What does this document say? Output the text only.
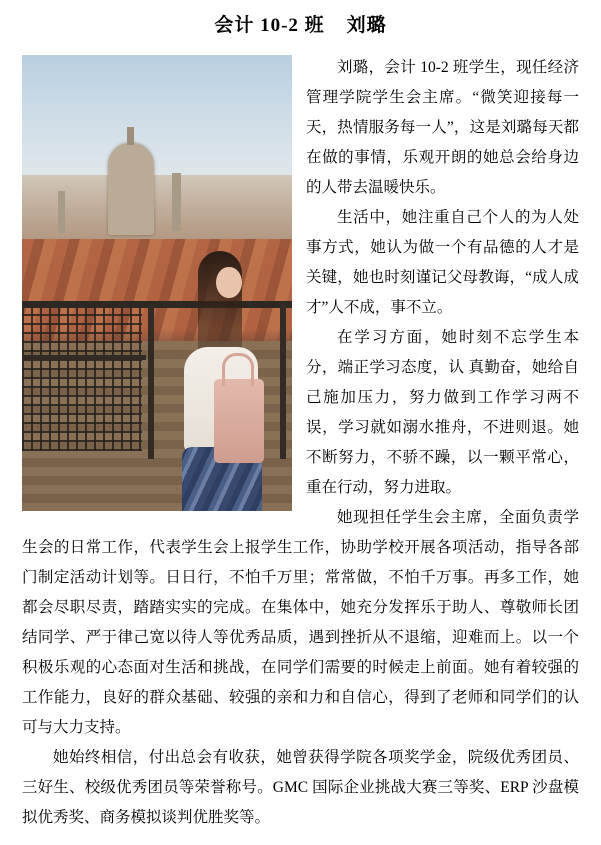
会计 10-2 班 刘璐

刘璐，会计 10-2 班学生，现任经济管理学院学生会主席。“微笑迎接每一天，热情服务每一人”，这是刘璐每天都在做的事情，乐观开朗的她总会给身边的人带去温暖快乐。

生活中，她注重自己个人的为人处事方式，她认为做一个有品德的人才是关键，她也时刻谨记父母教诲，“成人成才”人不成，事不立。

在学习方面，她时刻不忘学生本分，端正学习态度，认 真勤奋，她给自己施加压力，努力做到工作学习两不误，学习就如溺水推舟，不进则退。她不断努力，不骄不躁，以一颗平常心，重在行动，努力进取。

她现担任学生会主席，全面负责学生会的日常工作，代表学生会上报学生工作，协助学校开展各项活动，指导各部门制定活动计划等。日日行，不怕千万里；常常做，不怕千万事。再多工作，她都会尽职尽责，踏踏实实的完成。在集体中，她充分发挥乐于助人、尊敬师长团结同学、严于律己宽以待人等优秀品质，遇到挫折从不退缩，迎难而上。以一个积极乐观的心态面对生活和挑战，在同学们需要的时候走上前面。她有着较强的工作能力，良好的群众基础、较强的亲和力和自信心，得到了老师和同学们的认可与大力支持。

她始终相信，付出总会有收获，她曾获得学院各项奖学金，院级优秀团员、三好生、校级优秀团员等荣誉称号。GMC 国际企业挑战大赛三等奖、ERP 沙盘模拟优秀奖、商务模拟谈判优胜奖等。
